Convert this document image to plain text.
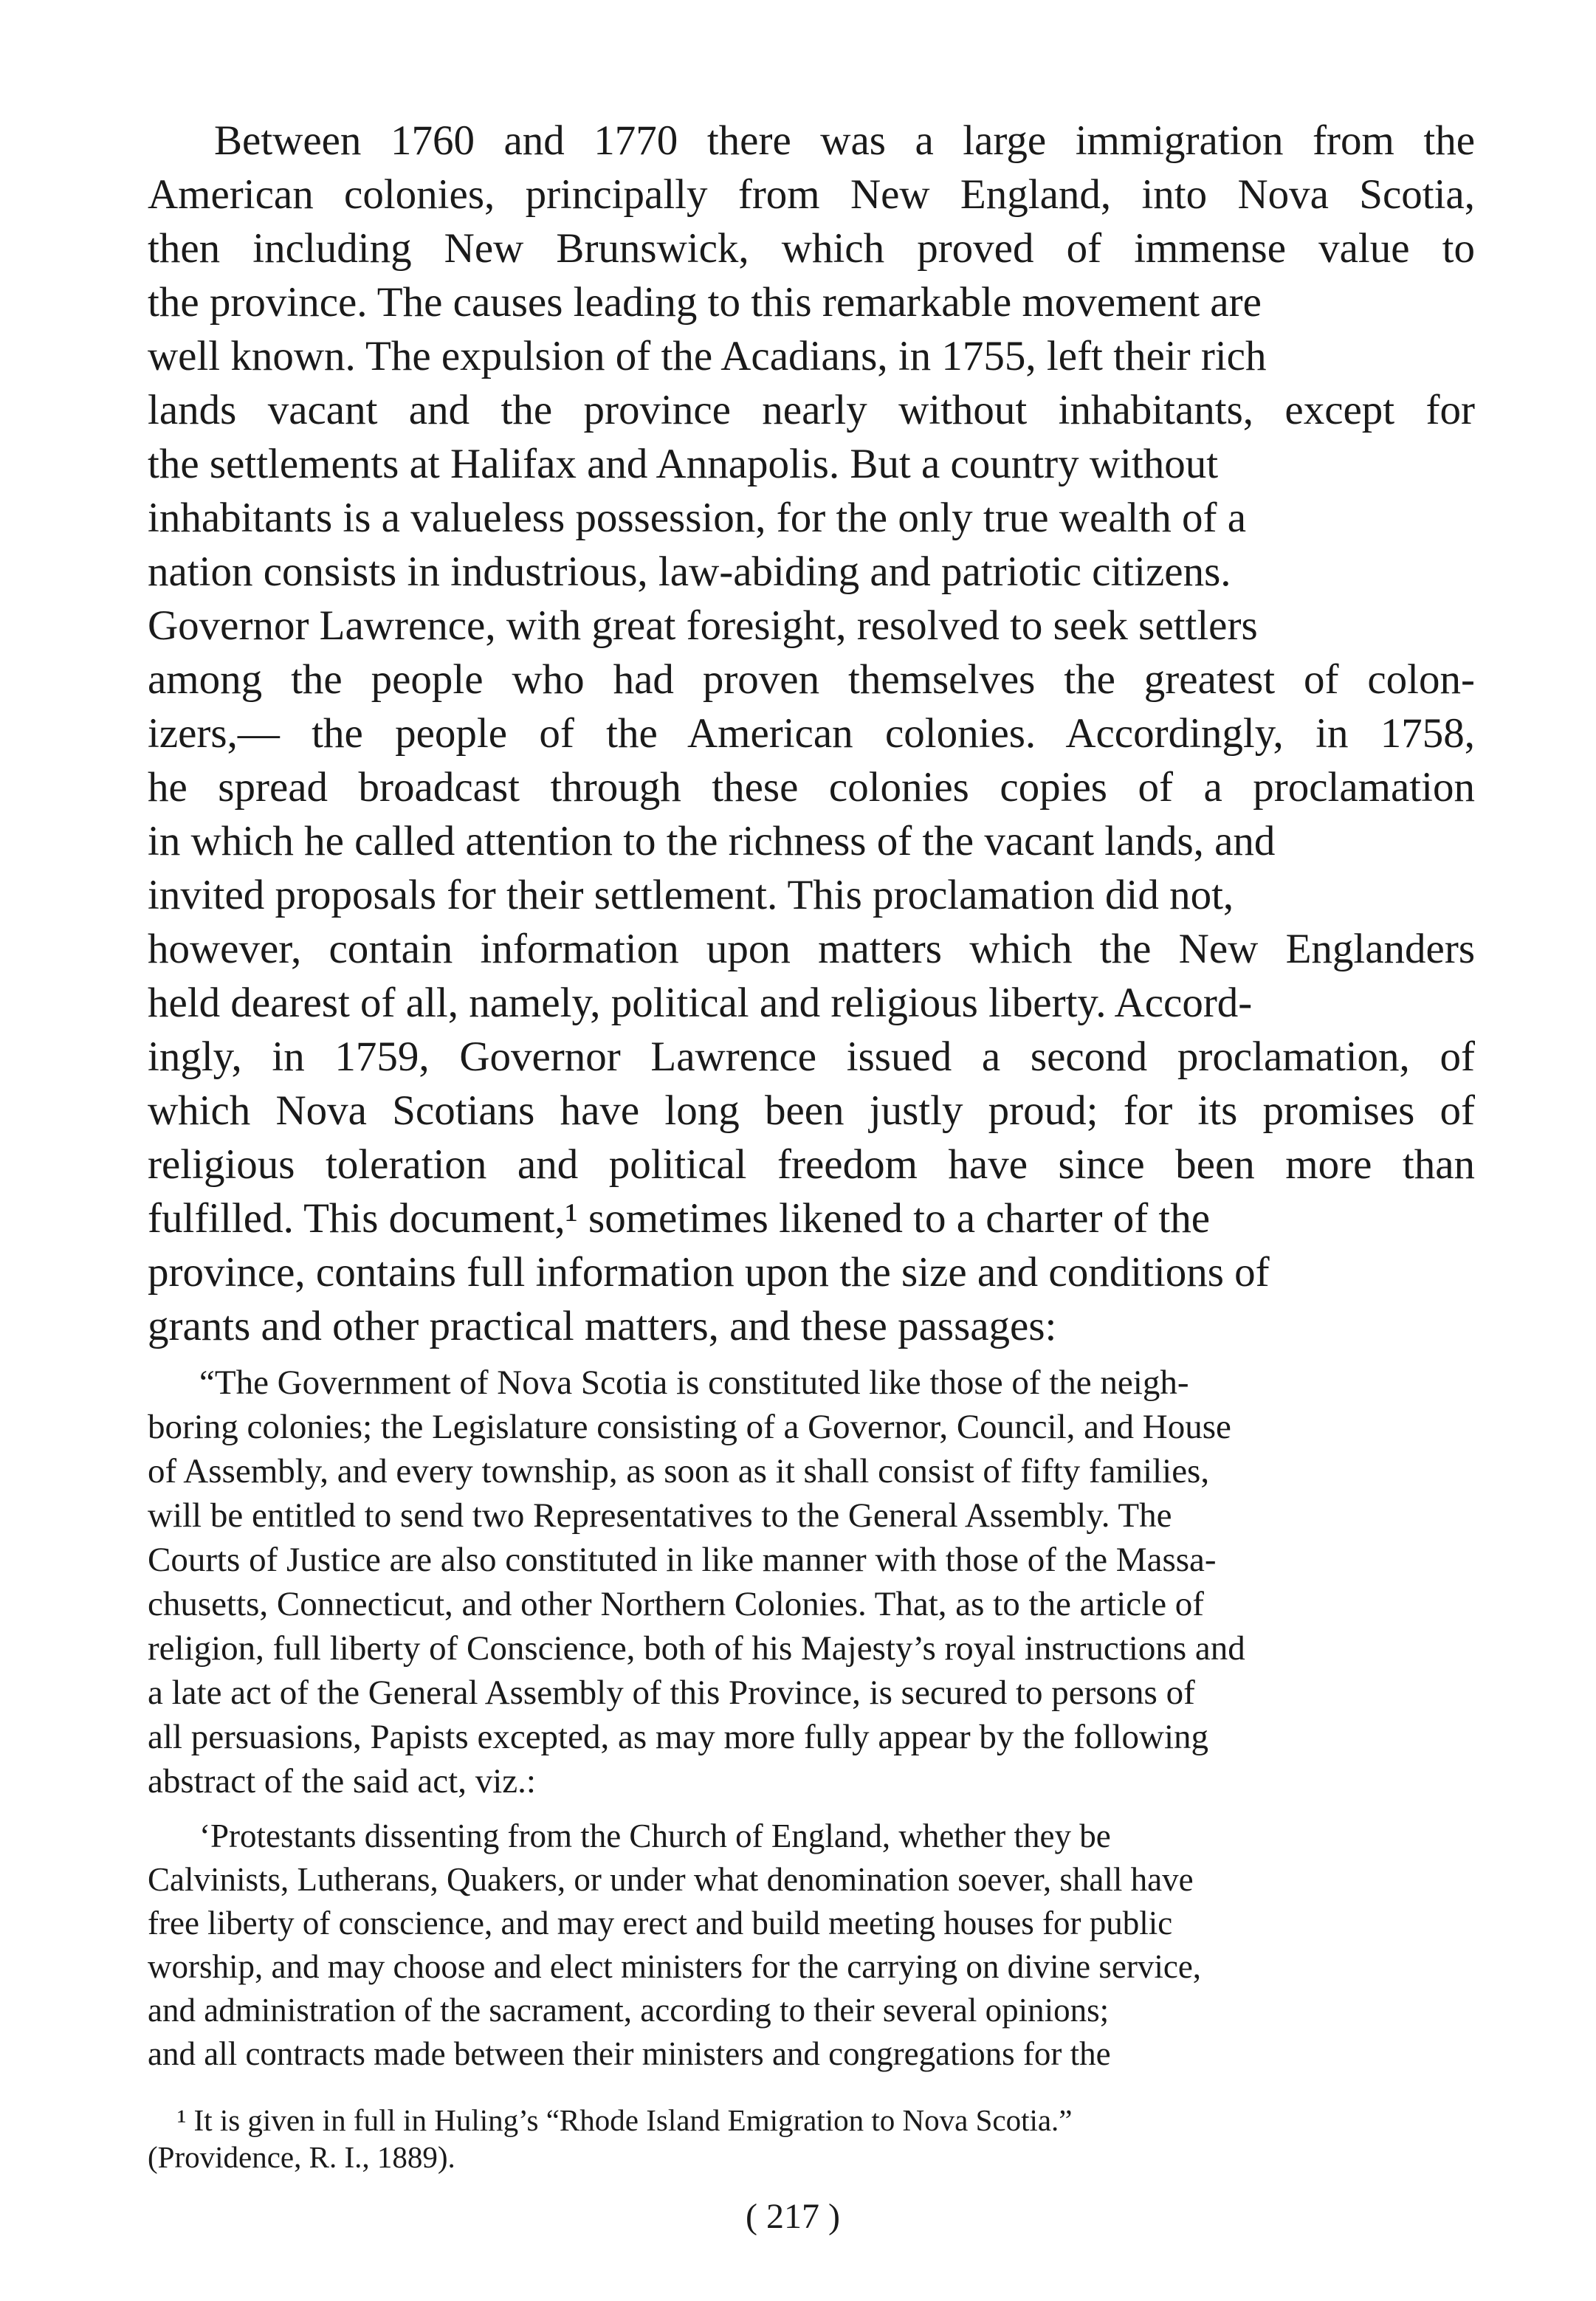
Between 1760 and 1770 there was a large immigration from the

American colonies, principally from New England, into Nova Scotia,

then including New Brunswick, which proved of immense value to

the province. The causes leading to this remarkable movement are

well known. The expulsion of the Acadians, in 1755, left their rich

lands vacant and the province nearly without inhabitants, except for

the settlements at Halifax and Annapolis. But a country without

inhabitants is a valueless possession, for the only true wealth of a

nation consists in industrious, law-abiding and patriotic citizens.

Governor Lawrence, with great foresight, resolved to seek settlers

among the people who had proven themselves the greatest of colon-

izers,— the people of the American colonies. Accordingly, in 1758,

he spread broadcast through these colonies copies of a proclamation

in which he called attention to the richness of the vacant lands, and

invited proposals for their settlement. This proclamation did not,

however, contain information upon matters which the New Englanders

held dearest of all, namely, political and religious liberty. Accord-

ingly, in 1759, Governor Lawrence issued a second proclamation, of

which Nova Scotians have long been justly proud; for its promises of

religious toleration and political freedom have since been more than

fulfilled. This document,¹ sometimes likened to a charter of the

province, contains full information upon the size and conditions of

grants and other practical matters, and these passages:

“The Government of Nova Scotia is constituted like those of the neigh-

boring colonies; the Legislature consisting of a Governor, Council, and House

of Assembly, and every township, as soon as it shall consist of fifty families,

will be entitled to send two Representatives to the General Assembly. The

Courts of Justice are also constituted in like manner with those of the Massa-

chusetts, Connecticut, and other Northern Colonies. That, as to the article of

religion, full liberty of Conscience, both of his Majesty’s royal instructions and

a late act of the General Assembly of this Province, is secured to persons of

all persuasions, Papists excepted, as may more fully appear by the following

abstract of the said act, viz.:

‘Protestants dissenting from the Church of England, whether they be

Calvinists, Lutherans, Quakers, or under what denomination soever, shall have

free liberty of conscience, and may erect and build meeting houses for public

worship, and may choose and elect ministers for the carrying on divine service,

and administration of the sacrament, according to their several opinions;

and all contracts made between their ministers and congregations for the

¹ It is given in full in Huling’s “Rhode Island Emigration to Nova Scotia.”

(Providence, R. I., 1889).

( 217 )
